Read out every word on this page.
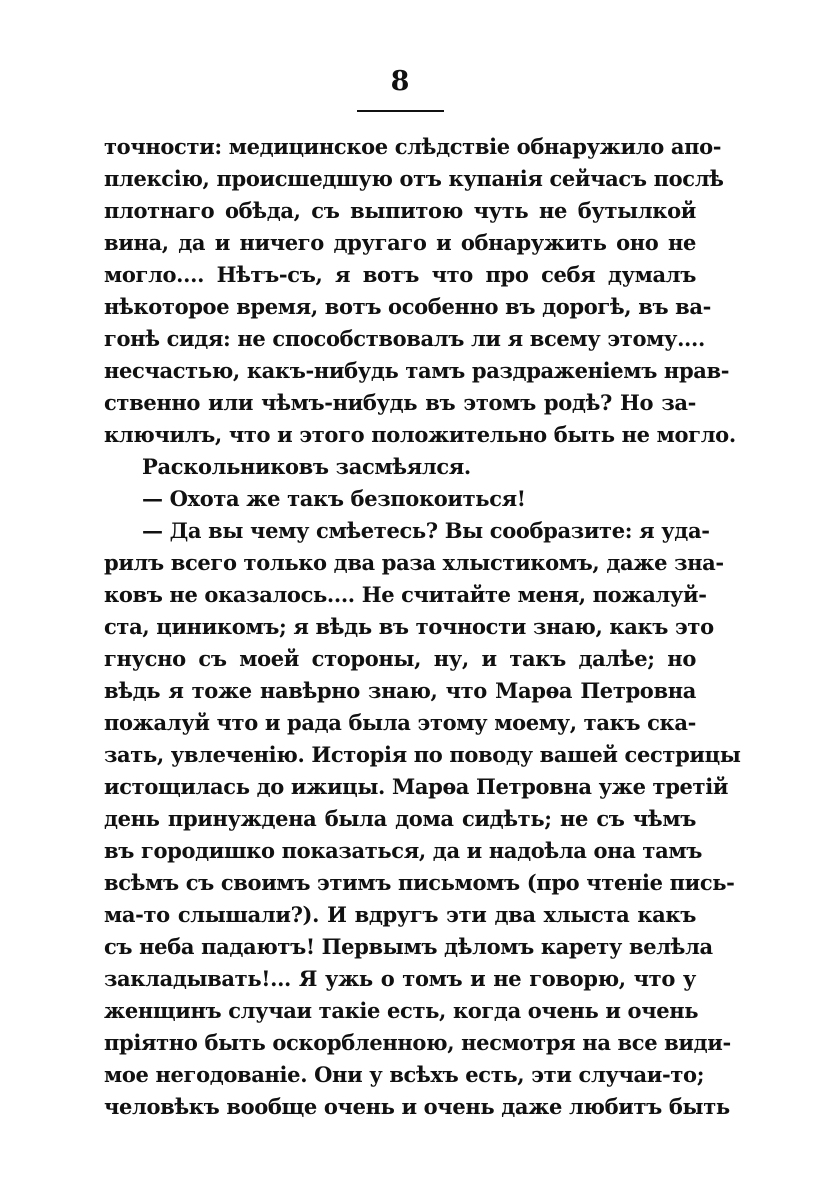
8
точности: медицинское слѣдствіе обнаружило апо-
плексію, происшедшую отъ купанія сейчасъ послѣ
плотнаго обѣда, съ выпитою чуть не бутылкой
вина, да и ничего другаго и обнаружить оно не
могло.... Нѣтъ-съ, я вотъ что про себя думалъ
нѣкоторое время, вотъ особенно въ дорогѣ, въ ва-
гонѣ сидя: не способствовалъ ли я всему этому....
несчастью, какъ-нибудь тамъ раздраженіемъ нрав-
ственно или чѣмъ-нибудь въ этомъ родѣ? Но за-
ключилъ, что и этого положительно быть не могло.
Раскольниковъ засмѣялся.
— Охота же такъ безпокоиться!
— Да вы чему смѣетесь? Вы сообразите: я уда-
рилъ всего только два раза хлыстикомъ, даже зна-
ковъ не оказалось.... Не считайте меня, пожалуй-
ста, циникомъ; я вѣдь въ точности знаю, какъ это
гнусно съ моей стороны, ну, и такъ далѣе; но
вѣдь я тоже навѣрно знаю, что Марѳа Петровна
пожалуй что и рада была этому моему, такъ ска-
зать, увлеченію. Исторія по поводу вашей сестрицы
истощилась до ижицы. Марѳа Петровна уже третій
день принуждена была дома сидѣть; не съ чѣмъ
въ городишко показаться, да и надоѣла она тамъ
всѣмъ съ своимъ этимъ письмомъ (про чтеніе пись-
ма-то слышали?). И вдругъ эти два хлыста какъ
съ неба падаютъ! Первымъ дѣломъ карету велѣла
закладывать!... Я ужь о томъ и не говорю, что у
женщинъ случаи такіе есть, когда очень и очень
пріятно быть оскорбленною, несмотря на все види-
мое негодованіе. Они у всѣхъ есть, эти случаи-то;
человѣкъ вообще очень и очень даже любитъ быть
